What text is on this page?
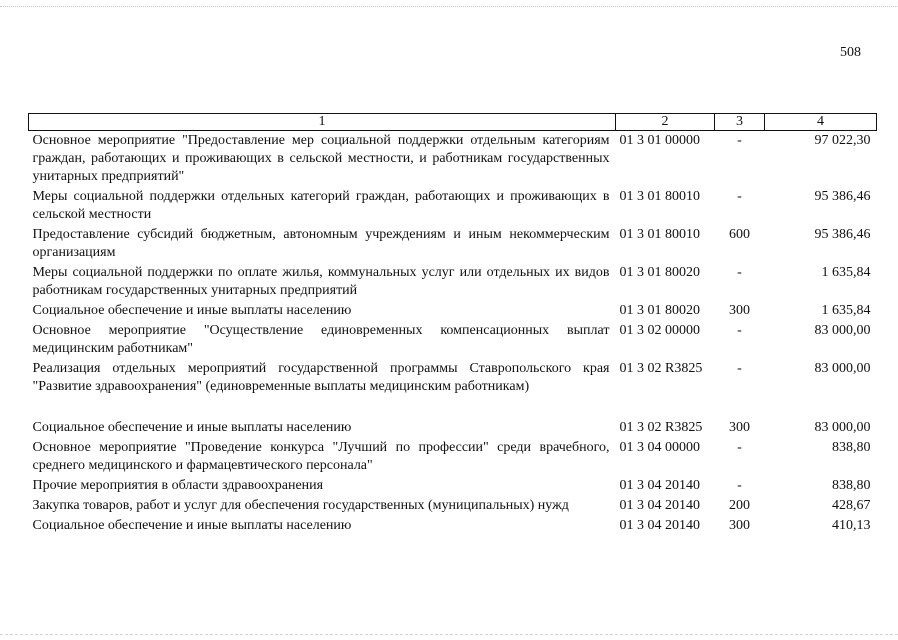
508
1	2	3	4
Основное мероприятие "Предоставление мер социальной поддержки отдельным категориям граждан, работающих и проживающих в сельской местности, и работникам государственных унитарных предприятий"	01 3 01 00000	-	97 022,30
Меры социальной поддержки отдельных категорий граждан, работающих и проживающих в сельской местности	01 3 01 80010	-	95 386,46
Предоставление субсидий бюджетным, автономным учреждениям и иным некоммерческим организациям	01 3 01 80010	600	95 386,46
Меры социальной поддержки по оплате жилья, коммунальных услуг или отдельных их видов работникам государственных унитарных предприятий	01 3 01 80020	-	1 635,84
Социальное обеспечение и иные выплаты населению	01 3 01 80020	300	1 635,84
Основное мероприятие "Осуществление единовременных компенсационных выплат медицинским работникам"	01 3 02 00000	-	83 000,00
Реализация отдельных мероприятий государственной программы Ставропольского края "Развитие здравоохранения" (единовременные выплаты медицинским работникам)	01 3 02 R3825	-	83 000,00
Социальное обеспечение и иные выплаты населению	01 3 02 R3825	300	83 000,00
Основное мероприятие "Проведение конкурса "Лучший по профессии" среди врачебного, среднего медицинского и фармацевтического персонала"	01 3 04 00000	-	838,80
Прочие мероприятия в области здравоохранения	01 3 04 20140	-	838,80
Закупка товаров, работ и услуг для обеспечения государственных (муниципальных) нужд	01 3 04 20140	200	428,67
Социальное обеспечение и иные выплаты населению	01 3 04 20140	300	410,13
